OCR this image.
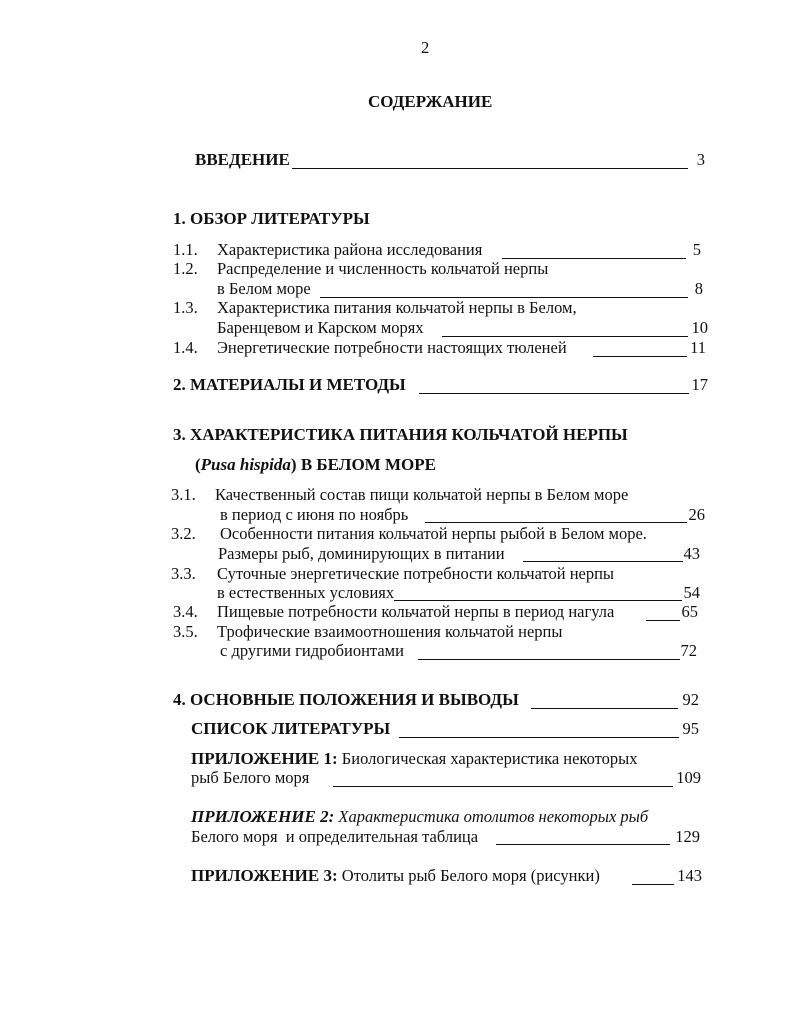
2
СОДЕРЖАНИЕ
ВВЕДЕНИЕ	3
1. ОБЗОР ЛИТЕРАТУРЫ
1.1. Характеристика района исследования	5
1.2. Распределение и численность кольчатой нерпы
в Белом море	8
1.3. Характеристика питания кольчатой нерпы в Белом,
Баренцевом и Карском морях	10
1.4. Энергетические потребности настоящих тюленей	11
2. МАТЕРИАЛЫ И МЕТОДЫ	17
3. ХАРАКТЕРИСТИКА ПИТАНИЯ КОЛЬЧАТОЙ НЕРПЫ
(Pusa hispida) В БЕЛОМ МОРЕ
3.1. Качественный состав пищи кольчатой нерпы в Белом море
в период с июня по ноябрь	26
3.2. Особенности питания кольчатой нерпы рыбой в Белом море.
Размеры рыб, доминирующих в питании	43
3.3. Суточные энергетические потребности кольчатой нерпы
в естественных условиях	54
3.4. Пищевые потребности кольчатой нерпы в период нагула	65
3.5. Трофические взаимоотношения кольчатой нерпы
с другими гидробионтами	72
4. ОСНОВНЫЕ ПОЛОЖЕНИЯ И ВЫВОДЫ	92
СПИСОК ЛИТЕРАТУРЫ	95
ПРИЛОЖЕНИЕ 1: Биологическая характеристика некоторых
рыб Белого моря	109
ПРИЛОЖЕНИЕ 2: Характеристика отолитов некоторых рыб
Белого моря  и определительная таблица	129
ПРИЛОЖЕНИЕ 3: Отолиты рыб Белого моря (рисунки)	143
